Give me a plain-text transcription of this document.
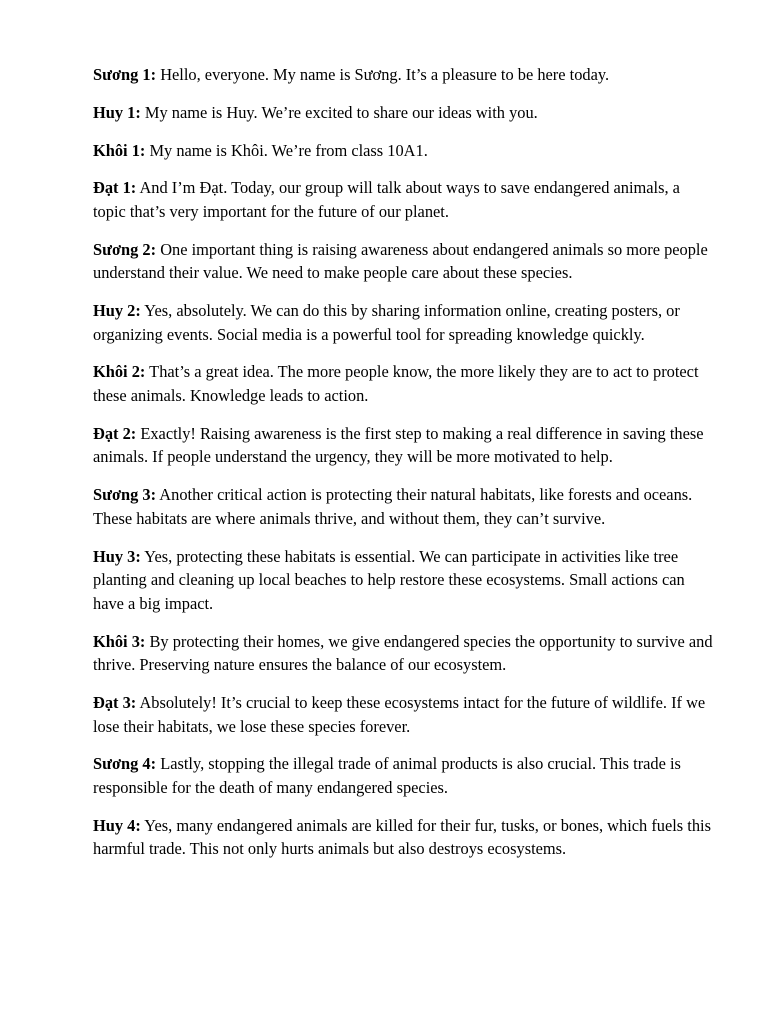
Sương 1: Hello, everyone. My name is Sương. It’s a pleasure to be here today.

Huy 1: My name is Huy. We’re excited to share our ideas with you.

Khôi 1: My name is Khôi. We’re from class 10A1.

Đạt 1: And I’m Đạt. Today, our group will talk about ways to save endangered animals, a topic that’s very important for the future of our planet.

Sương 2: One important thing is raising awareness about endangered animals so more people understand their value. We need to make people care about these species.

Huy 2: Yes, absolutely. We can do this by sharing information online, creating posters, or organizing events. Social media is a powerful tool for spreading knowledge quickly.

Khôi 2: That’s a great idea. The more people know, the more likely they are to act to protect these animals. Knowledge leads to action.

Đạt 2: Exactly! Raising awareness is the first step to making a real difference in saving these animals. If people understand the urgency, they will be more motivated to help.

Sương 3: Another critical action is protecting their natural habitats, like forests and oceans. These habitats are where animals thrive, and without them, they can’t survive.

Huy 3: Yes, protecting these habitats is essential. We can participate in activities like tree planting and cleaning up local beaches to help restore these ecosystems. Small actions can have a big impact.

Khôi 3: By protecting their homes, we give endangered species the opportunity to survive and thrive. Preserving nature ensures the balance of our ecosystem.

Đạt 3: Absolutely! It’s crucial to keep these ecosystems intact for the future of wildlife. If we lose their habitats, we lose these species forever.

Sương 4: Lastly, stopping the illegal trade of animal products is also crucial. This trade is responsible for the death of many endangered species.

Huy 4: Yes, many endangered animals are killed for their fur, tusks, or bones, which fuels this harmful trade. This not only hurts animals but also destroys ecosystems.
